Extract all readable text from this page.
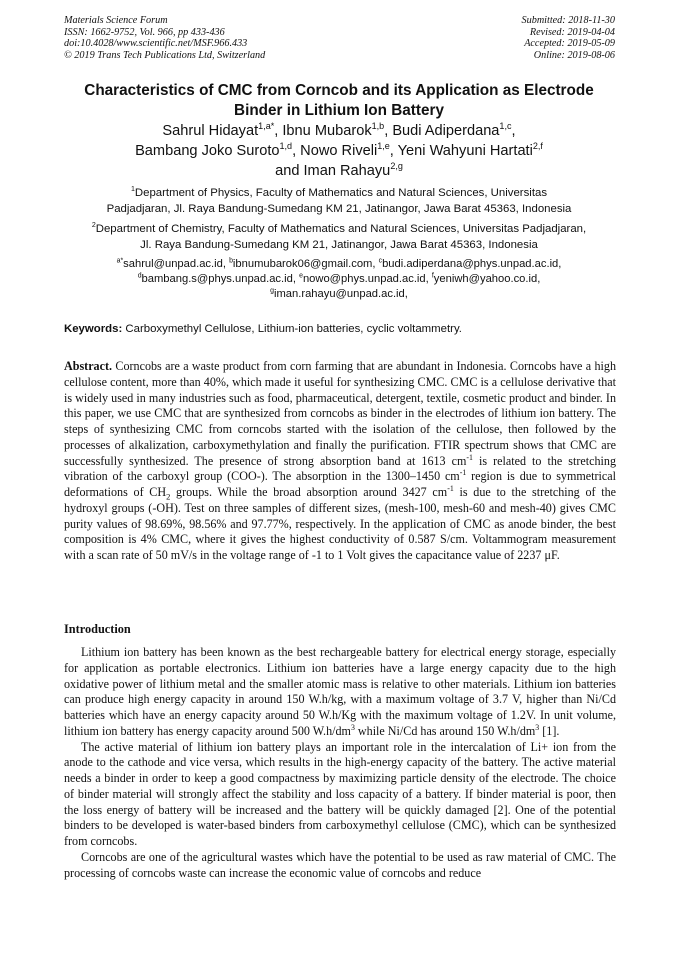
Materials Science Forum
ISSN: 1662-9752, Vol. 966, pp 433-436
doi:10.4028/www.scientific.net/MSF.966.433
© 2019 Trans Tech Publications Ltd, Switzerland
Submitted: 2018-11-30
Revised: 2019-04-04
Accepted: 2019-05-09
Online: 2019-08-06
Characteristics of CMC from Corncob and its Application as Electrode
Binder in Lithium Ion Battery
Sahrul Hidayat$^{1,a*}$, Ibnu Mubarok$^{1,b}$, Budi Adiperdana$^{1,c}$,
Bambang Joko Suroto$^{1,d}$, Nowo Riveli$^{1,e}$, Yeni Wahyuni Hartati$^{2,f}$
and Iman Rahayu$^{2,g}$
$^1$Department of Physics, Faculty of Mathematics and Natural Sciences, Universitas
Padjadjaran, Jl. Raya Bandung-Sumedang KM 21, Jatinangor, Jawa Barat 45363, Indonesia
$^2$Department of Chemistry, Faculty of Mathematics and Natural Sciences, Universitas Padjadjaran,
Jl. Raya Bandung-Sumedang KM 21, Jatinangor, Jawa Barat 45363, Indonesia
$^{a*}$sahrul@unpad.ac.id, $^b$ibnumubarok06@gmail.com, $^c$budi.adiperdana@phys.unpad.ac.id,
$^d$bambang.s@phys.unpad.ac.id, $^e$nowo@phys.unpad.ac.id, $^f$yeniwh@yahoo.co.id,
$^g$iman.rahayu@unpad.ac.id,
Keywords: Carboxymethyl Cellulose, Lithium-ion batteries, cyclic voltammetry.
Abstract. Corncobs are a waste product from corn farming that are abundant in Indonesia. Corncobs have a high cellulose content, more than 40%, which made it useful for synthesizing CMC. CMC is a cellulose derivative that is widely used in many industries such as food, pharmaceutical, detergent, textile, cosmetic product and binder. In this paper, we use CMC that are synthesized from corncobs as binder in the electrodes of lithium ion battery. The steps of synthesizing CMC from corncobs started with the isolation of the cellulose, then followed by the processes of alkalization, carboxymethylation and finally the purification. FTIR spectrum shows that CMC are successfully synthesized. The presence of strong absorption band at 1613 $cm^{-1}$ is related to the stretching vibration of the carboxyl group (COO-). The absorption in the 1300–1450 $cm^{-1}$ region is due to symmetrical deformations of $CH_2$ groups. While the broad absorption around 3427 $cm^{-1}$ is due to the stretching of the hydroxyl groups (-OH). Test on three samples of different sizes, (mesh-100, mesh-60 and mesh-40) gives CMC purity values of 98.69%, 98.56% and 97.77%, respectively. In the application of CMC as anode binder, the best composition is 4% CMC, where it gives the highest conductivity of 0.587 S/cm. Voltammogram measurement with a scan rate of 50 mV/s in the voltage range of -1 to 1 Volt gives the capacitance value of 2237 μF.
Introduction

Lithium ion battery has been known as the best rechargeable battery for electrical energy storage, especially for application as portable electronics. Lithium ion batteries have a large energy capacity due to the high oxidative power of lithium metal and the smaller atomic mass is relative to other materials. Lithium ion batteries can produce high energy capacity in around 150 W.h/kg, with a maximum voltage of 3.7 V, higher than Ni/Cd batteries which have an energy capacity around 50 W.h/Kg with the maximum voltage of 1.2V. In unit volume, lithium ion battery has energy capacity around 500 $W.h/dm^3$ while Ni/Cd has around 150 $W.h/dm^3$ [1].

The active material of lithium ion battery plays an important role in the intercalation of Li+ ion from the anode to the cathode and vice versa, which results in the high-energy capacity of the battery. The active material needs a binder in order to keep a good compactness by maximizing particle density of the electrode. The choice of binder material will strongly affect the stability and loss capacity of a battery. If binder material is poor, then the loss energy of battery will be increased and the battery will be quickly damaged [2]. One of the potential binders to be developed is water-based binders from carboxymethyl cellulose (CMC), which can be synthesized from corncobs.

Corncobs are one of the agricultural wastes which have the potential to be used as raw material of CMC. The processing of corncobs waste can increase the economic value of corncobs and reduce
